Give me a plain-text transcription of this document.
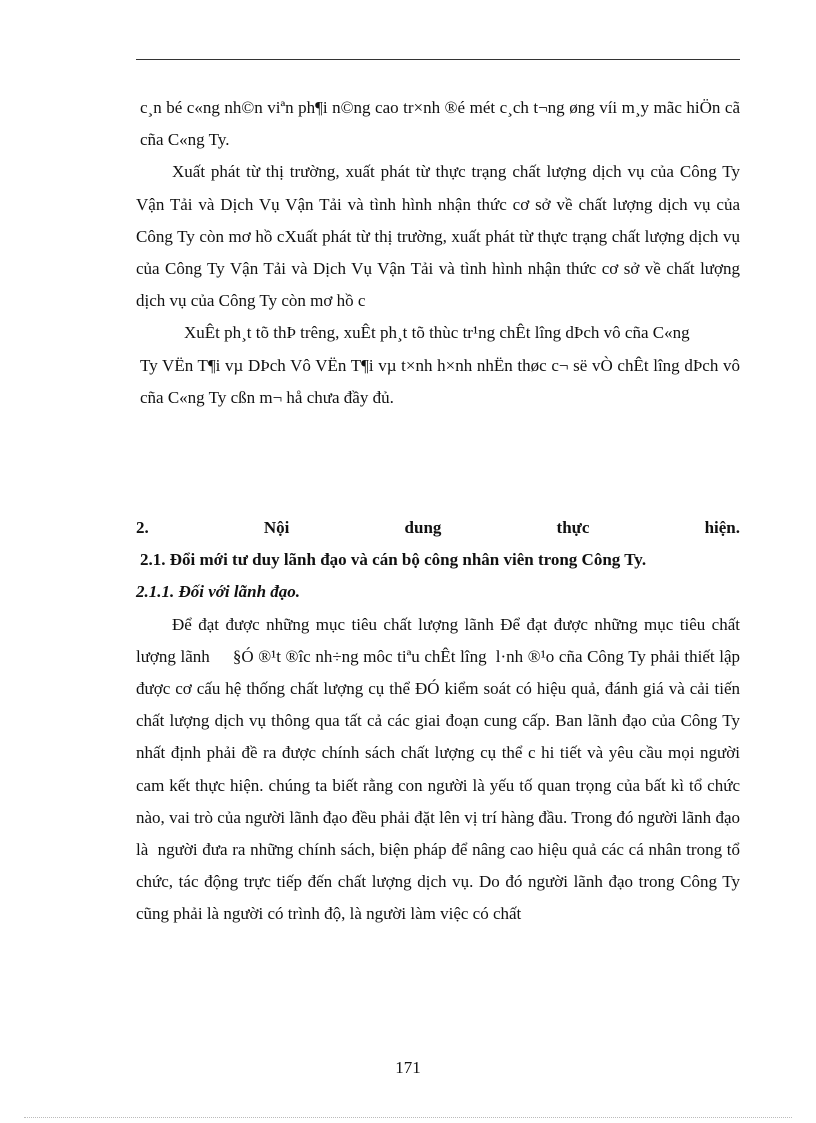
c¸n bé c«ng nh©n viªn ph¶i n©ng cao tr×nh ®é mét c¸ch t¬ng øng víi m¸y mãc hiÖn cã cña C«ng Ty.

Xuất phát từ thị trường, xuất phát từ thực trạng chất lượng dịch vụ của Công Ty Vận Tải và Dịch Vụ Vận Tải và tình hình nhận thức cơ sở về chất lượng dịch vụ của Công Ty còn mơ hồ cXuất phát từ thị trường, xuất phát từ thực trạng chất lượng dịch vụ của Công Ty Vận Tải và Dịch Vụ Vận Tải và tình hình nhận thức cơ sở về chất lượng dịch vụ của Công Ty còn mơ hồ c

XuÊt ph¸t tõ thÞ trêng, xuÊt ph¸t tõ thùc tr¹ng chÊt lîng dÞch vô cña C«ng

Ty VËn T¶i vµ DÞch Vô VËn T¶i vµ t×nh h×nh nhËn thøc c¬ së vÒ chÊt lîng dÞch vô cña C«ng Ty cßn m¬ hå chưa đầy đủ.

2.	Nội	dung	thực	hiện.

2.1. Đổi mới tư duy lãnh đạo và cán bộ công nhân viên trong Công Ty.

2.1.1. Đối với lãnh đạo.

Để đạt được những mục tiêu chất lượng lãnh Để đạt được những mục tiêu chất lượng lãnh     §Ó ®¹t ®îc nh÷ng môc tiªu chÊt lîng  l·nh ®¹o cña Công Ty phải thiết lập được cơ cấu hệ thống chất lượng cụ thể ĐÓ kiểm soát có hiệu quả, đánh giá và cải tiến chất lượng dịch vụ thông qua tất cả các giai đoạn cung cấp. Ban lãnh đạo của Công Ty nhất định phải đề ra được chính sách chất lượng cụ thể c hi tiết và yêu cầu mọi người cam kết thực hiện. chúng ta biết rằng con người là yếu tố quan trọng của bất kì tổ chức nào, vai trò của người lãnh đạo đều phải đặt lên vị trí hàng đầu. Trong đó người lãnh đạo là  người đưa ra những chính sách, biện pháp để nâng cao hiệu quả các cá nhân trong tổ chức, tác động trực tiếp đến chất lượng dịch vụ. Do đó người lãnh đạo trong Công Ty cũng phải là người có trình độ, là người làm việc có chất

171
